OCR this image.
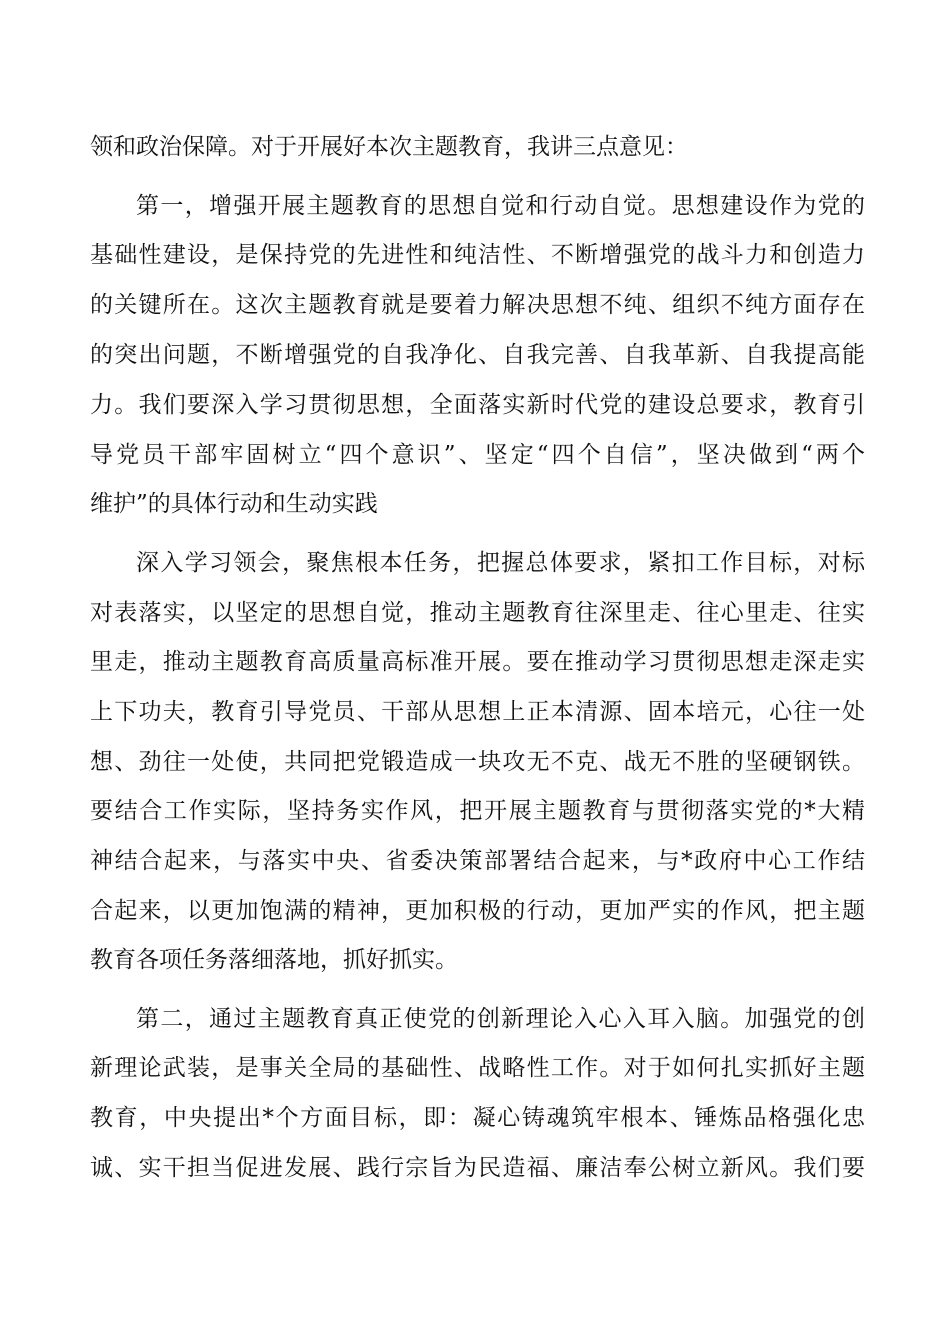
领和政治保障。对于开展好本次主题教育，我讲三点意见：
第一，增强开展主题教育的思想自觉和行动自觉。思想建设作为党的
基础性建设，是保持党的先进性和纯洁性、不断增强党的战斗力和创造力
的关键所在。这次主题教育就是要着力解决思想不纯、组织不纯方面存在
的突出问题，不断增强党的自我净化、自我完善、自我革新、自我提高能
力。我们要深入学习贯彻思想，全面落实新时代党的建设总要求，教育引
导党员干部牢固树立“四个意识”、坚定“四个自信”，坚决做到“两个
维护”的具体行动和生动实践
深入学习领会，聚焦根本任务，把握总体要求，紧扣工作目标，对标
对表落实，以坚定的思想自觉，推动主题教育往深里走、往心里走、往实
里走，推动主题教育高质量高标准开展。要在推动学习贯彻思想走深走实
上下功夫，教育引导党员、干部从思想上正本清源、固本培元，心往一处
想、劲往一处使，共同把党锻造成一块攻无不克、战无不胜的坚硬钢铁。
要结合工作实际，坚持务实作风，把开展主题教育与贯彻落实党的*大精
神结合起来，与落实中央、省委决策部署结合起来，与*政府中心工作结
合起来，以更加饱满的精神，更加积极的行动，更加严实的作风，把主题
教育各项任务落细落地，抓好抓实。
第二，通过主题教育真正使党的创新理论入心入耳入脑。加强党的创
新理论武装，是事关全局的基础性、战略性工作。对于如何扎实抓好主题
教育，中央提出*个方面目标，即：凝心铸魂筑牢根本、锤炼品格强化忠
诚、实干担当促进发展、践行宗旨为民造福、廉洁奉公树立新风。我们要
